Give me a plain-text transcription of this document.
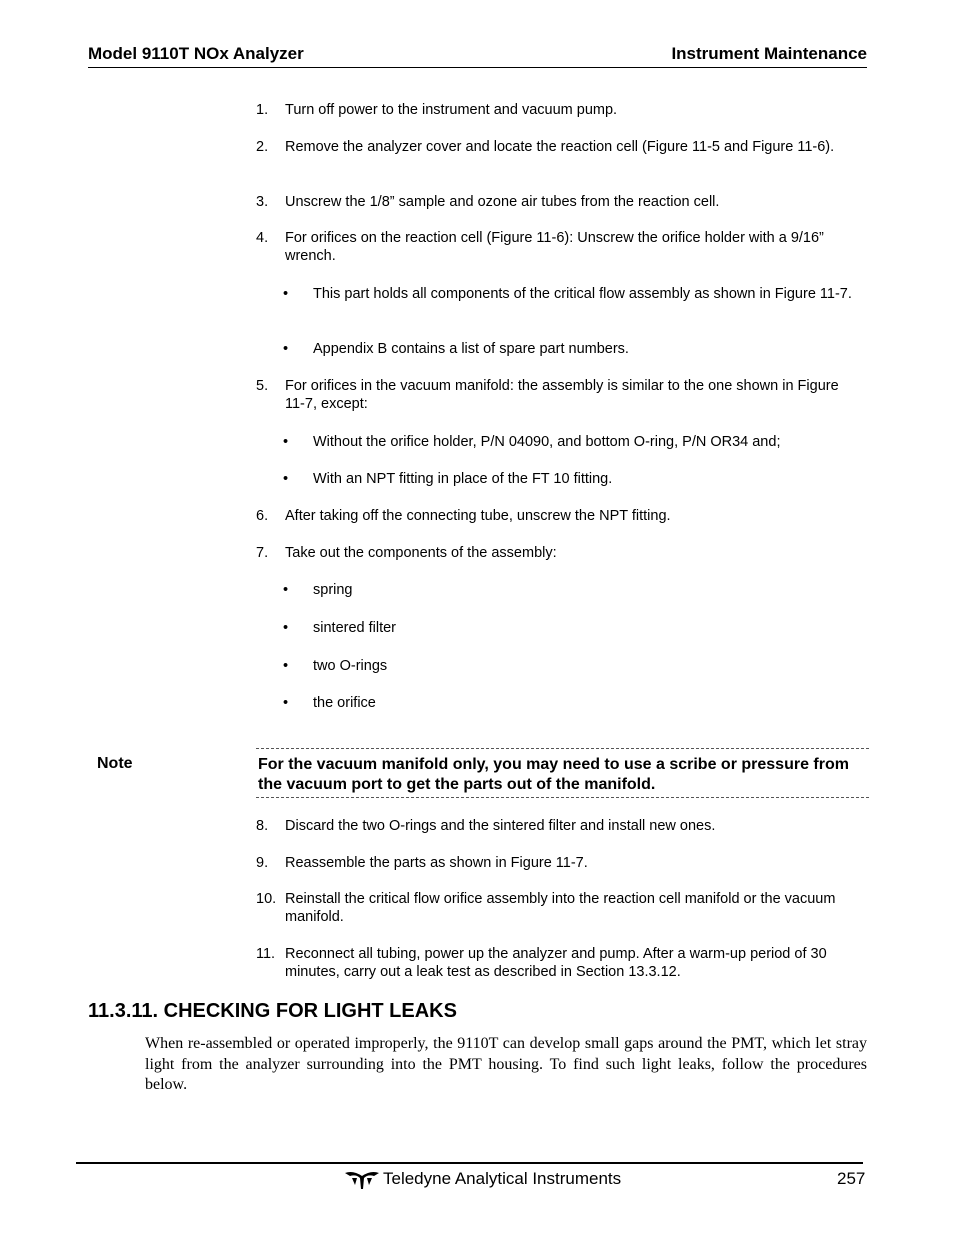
Model 9110T NOx Analyzer	Instrument Maintenance
1. Turn off power to the instrument and vacuum pump.
2. Remove the analyzer cover and locate the reaction cell (Figure 11-5 and Figure 11-6).
3. Unscrew the 1/8” sample and ozone air tubes from the reaction cell.
4. For orifices on the reaction cell (Figure 11-6): Unscrew the orifice holder with a 9/16” wrench.
• This part holds all components of the critical flow assembly as shown in Figure 11-7.
• Appendix B contains a list of spare part numbers.
5. For orifices in the vacuum manifold: the assembly is similar to the one shown in Figure 11-7, except:
• Without the orifice holder, P/N 04090, and bottom O-ring, P/N OR34 and;
• With an NPT fitting in place of the FT 10 fitting.
6. After taking off the connecting tube, unscrew the NPT fitting.
7. Take out the components of the assembly:
• spring
• sintered filter
• two O-rings
• the orifice
Note	For the vacuum manifold only, you may need to use a scribe or pressure from the vacuum port to get the parts out of the manifold.
8. Discard the two O-rings and the sintered filter and install new ones.
9. Reassemble the parts as shown in Figure 11-7.
10. Reinstall the critical flow orifice assembly into the reaction cell manifold or the vacuum manifold.
11. Reconnect all tubing, power up the analyzer and pump. After a warm-up period of 30 minutes, carry out a leak test as described in Section 13.3.12.
11.3.11. CHECKING FOR LIGHT LEAKS
When re-assembled or operated improperly, the 9110T can develop small gaps around the PMT, which let stray light from the analyzer surrounding into the PMT housing. To find such light leaks, follow the procedures below.
Teledyne Analytical Instruments	257
